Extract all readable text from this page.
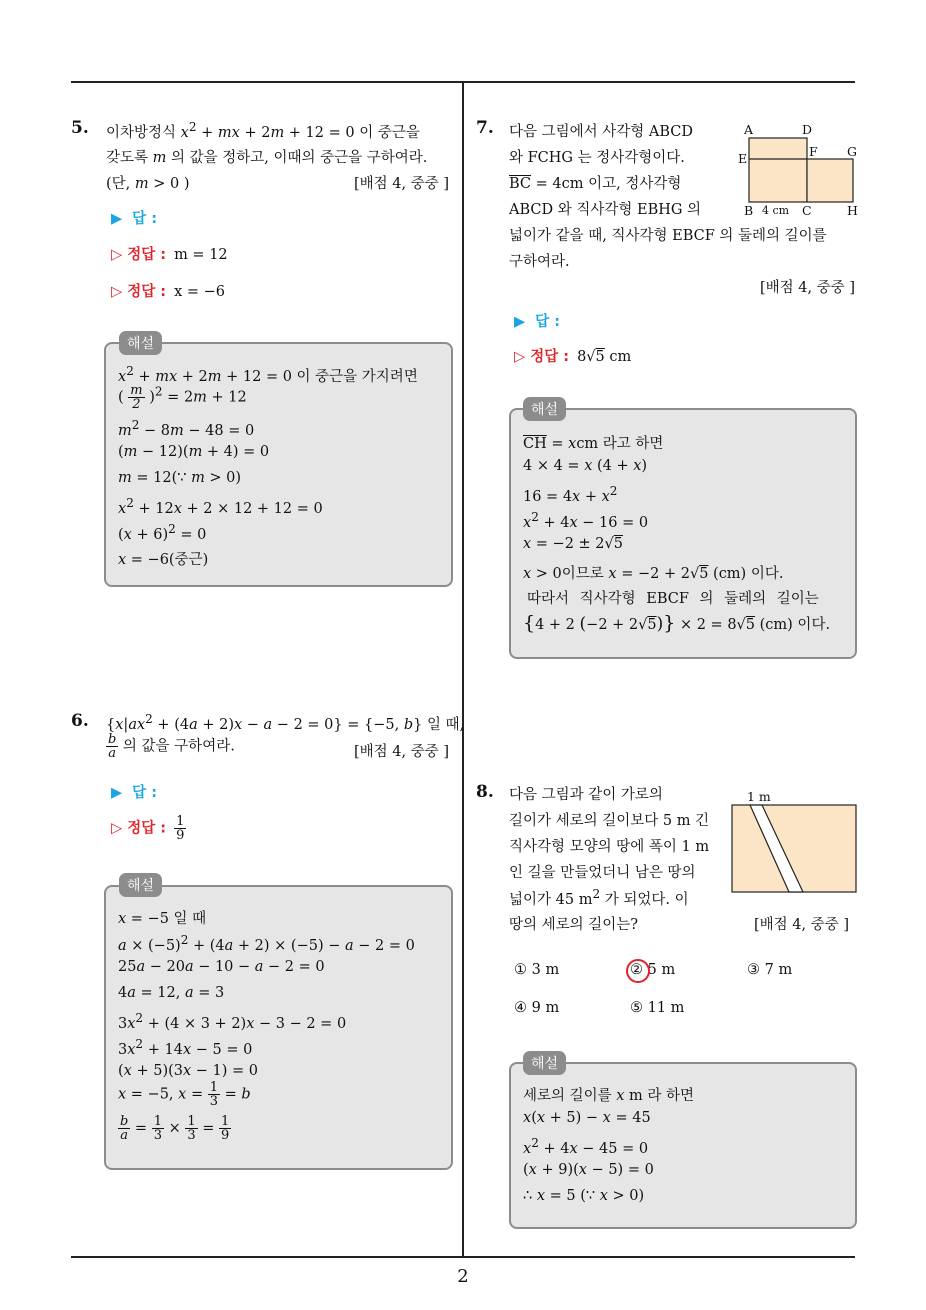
2
5. 이차방정식 $x^2$ + mx + 2m + 12 = 0 이 중근을
갖도록 m 의 값을 정하고, 이때의 중근을 구하여라.
(단, m > 0 )	[배점 4, 중중 ]
▶ 답 :
▷ 정답 : m = 12
▷ 정답 : x = −6
$x^2$ + mx + 2m + 12 = 0 이 중근을 가지려면
( $\frac{m}{2} )^2 = 2m + 12$
$m^2 - 8m - 48 = 0$
(m − 12)(m + 4) = 0
m = 12(∵ m > 0)
$x^2 + 12x + 2 \times 12 + 12 = 0$
$(x + 6)^2 = 0$
x = −6(중근)
해설
6. $\{x|ax^2 + (4a + 2)x - a - 2 = 0\} = \{-5$, b} 일 때,
$\frac{b}{a}$ 의 값을 구하여라.	[배점 4, 중중 ]
▶ 답 :
▷ 정답 : $\frac{1}{9}$
x = −5 일 때
$a \times (-5)^2 + (4a + 2) \times (-5) - a - 2 = 0$
25a − 20a − 10 − a − 2 = 0
4a = 12, a = 3
$3x^2 + (4 \times 3 + 2)x - 3 - 2 = 0$
$3x^2 + 14x - 5 = 0$
(x + 5)(3x − 1) = 0
x = −5, $x = \frac{1}{3} = b$
$\frac{b}{a} = \frac{1}{3} \times \frac{1}{3} = \frac{1}{9}$
해설
7. 다음 그림에서 사각형 ABCD
와 FCHG 는 정사각형이다.
$\overline{BC} = 4cm$ 이고, 정사각형
ABCD 와 직사각형 EBHG 의
넓이가 같을 때, 직사각형 EBCF 의 둘레의 길이를
구하여라.
[배점 4, 중중 ]
A	D
E	F G
B 4 cm C	H
▶ 답 :
▷ 정답 : 8√5 cm
$\overline{CH}$ = xcm 라고 하면
4 × 4 = x (4 + x)
$16 = 4x + x^2$
$x^2 + 4x - 16 = 0$
x = −2 ± 2√5
x > 0이므로 x = −2 + 2√5 (cm) 이다.
따라서 직사각형 EBCF 의 둘레의 길이는
{4 + 2 (−2 + 2√5)} × 2 = 8√5 (cm) 이다.
해설
8. 다음 그림과 같이 가로의
길이가 세로의 길이보다 5 m 긴
직사각형 모양의 땅에 폭이 1 m
인 길을 만들었더니 남은 땅의
넓이가 45 $m^2$ 가 되었다. 이
땅의 세로의 길이는?	[배점 4, 중중 ]
1 m
① 3 m	② 5 m	③ 7 m
④ 9 m	⑤ 11 m
세로의 길이를 x m 라 하면
x(x + 5) − x = 45
$x^2 + 4x - 45 = 0$
(x + 9)(x − 5) = 0
∴ x = 5 (∵ x > 0)
해설
